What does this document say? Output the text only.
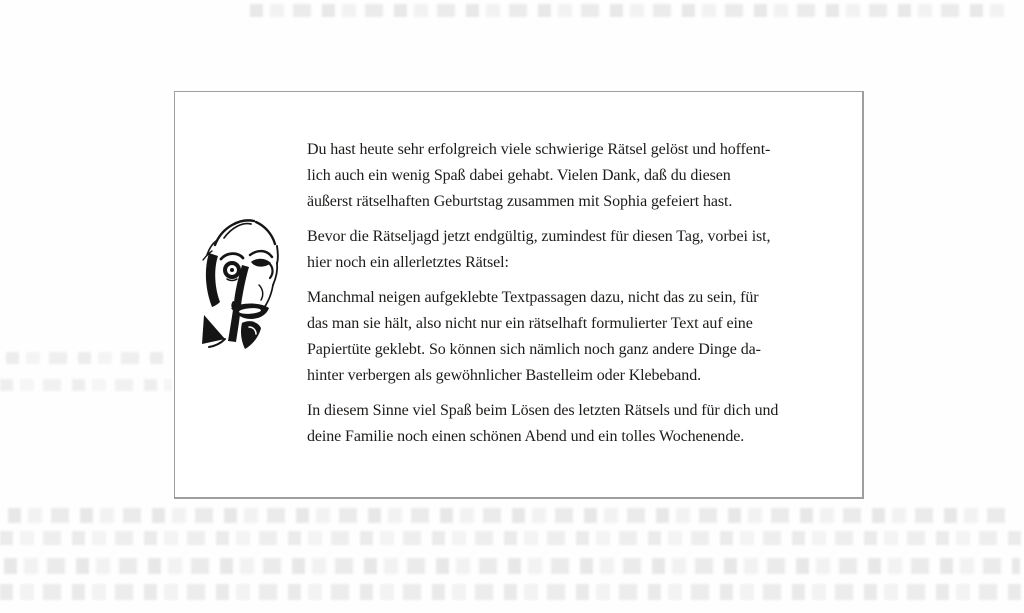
Du hast heute sehr erfolgreich viele schwierige Rätsel gelöst und hoffent-
lich auch ein wenig Spaß dabei gehabt. Vielen Dank, daß du diesen
äußerst rätselhaften Geburtstag zusammen mit Sophia gefeiert hast.

Bevor die Rätseljagd jetzt endgültig, zumindest für diesen Tag, vorbei ist,
hier noch ein allerletztes Rätsel:

Manchmal neigen aufgeklebte Textpassagen dazu, nicht das zu sein, für
das man sie hält, also nicht nur ein rätselhaft formulierter Text auf eine
Papiertüte geklebt. So können sich nämlich noch ganz andere Dinge da-
hinter verbergen als gewöhnlicher Bastelleim oder Klebeband.

In diesem Sinne viel Spaß beim Lösen des letzten Rätsels und für dich und
deine Familie noch einen schönen Abend und ein tolles Wochenende.
